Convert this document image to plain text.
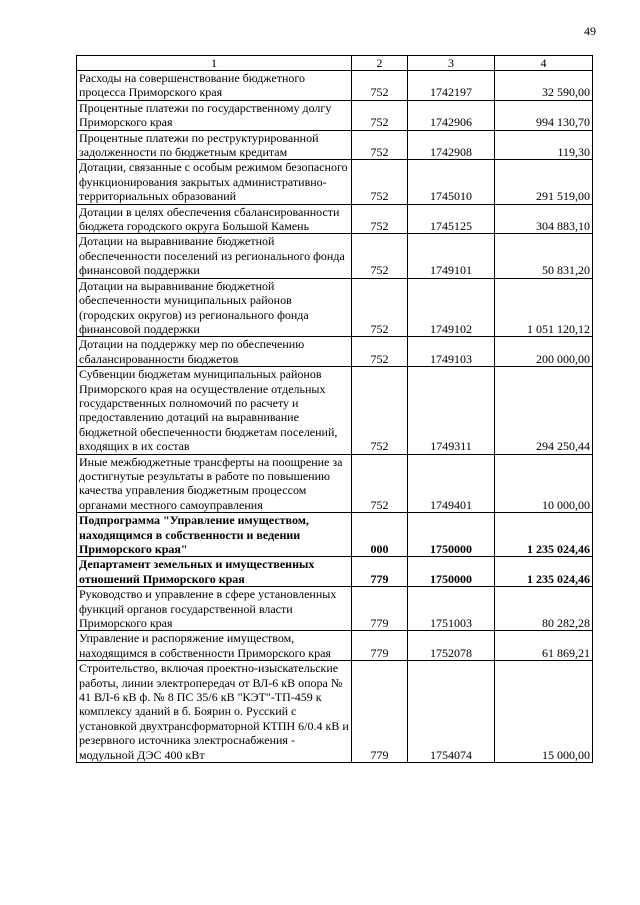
49
1	2	3	4
Расходы на совершенствование бюджетного процесса Приморского края	752	1742197	32 590,00
Процентные платежи по государственному долгу Приморского края	752	1742906	994 130,70
Процентные платежи по реструктурированной задолженности по бюджетным кредитам	752	1742908	119,30
Дотации, связанные с особым режимом безопасного функционирования закрытых административно-территориальных образований	752	1745010	291 519,00
Дотации в целях обеспечения сбалансированности бюджета городского округа Большой Камень	752	1745125	304 883,10
Дотации на выравнивание бюджетной обеспеченности поселений из регионального фонда финансовой поддержки	752	1749101	50 831,20
Дотации на выравнивание бюджетной обеспеченности муниципальных районов (городских округов) из регионального фонда финансовой поддержки	752	1749102	1 051 120,12
Дотации на поддержку мер по обеспечению сбалансированности бюджетов	752	1749103	200 000,00
Субвенции бюджетам муниципальных районов Приморского края на осуществление отдельных государственных полномочий по расчету и предоставлению дотаций на выравнивание бюджетной обеспеченности бюджетам поселений, входящих в их состав	752	1749311	294 250,44
Иные межбюджетные трансферты на поощрение за достигнутые результаты в работе по повышению качества управления бюджетным процессом органами местного самоуправления	752	1749401	10 000,00
Подпрограмма "Управление имуществом, находящимся в собственности и ведении Приморского края"	000	1750000	1 235 024,46
Департамент земельных и имущественных отношений Приморского края	779	1750000	1 235 024,46
Руководство и управление в сфере установленных функций органов государственной власти Приморского края	779	1751003	80 282,28
Управление и распоряжение имуществом, находящимся в собственности Приморского края	779	1752078	61 869,21
Строительство, включая проектно-изыскательские работы, линии электропередач от ВЛ-6 кВ опора № 41 ВЛ-6 кВ ф. № 8 ПС 35/6 кВ "КЭТ"-ТП-459 к комплексу зданий в б. Боярин о. Русский с установкой двухтрансформаторной КТПН 6/0.4 кВ и резервного источника электроснабжения - модульной ДЭС 400 кВт	779	1754074	15 000,00
